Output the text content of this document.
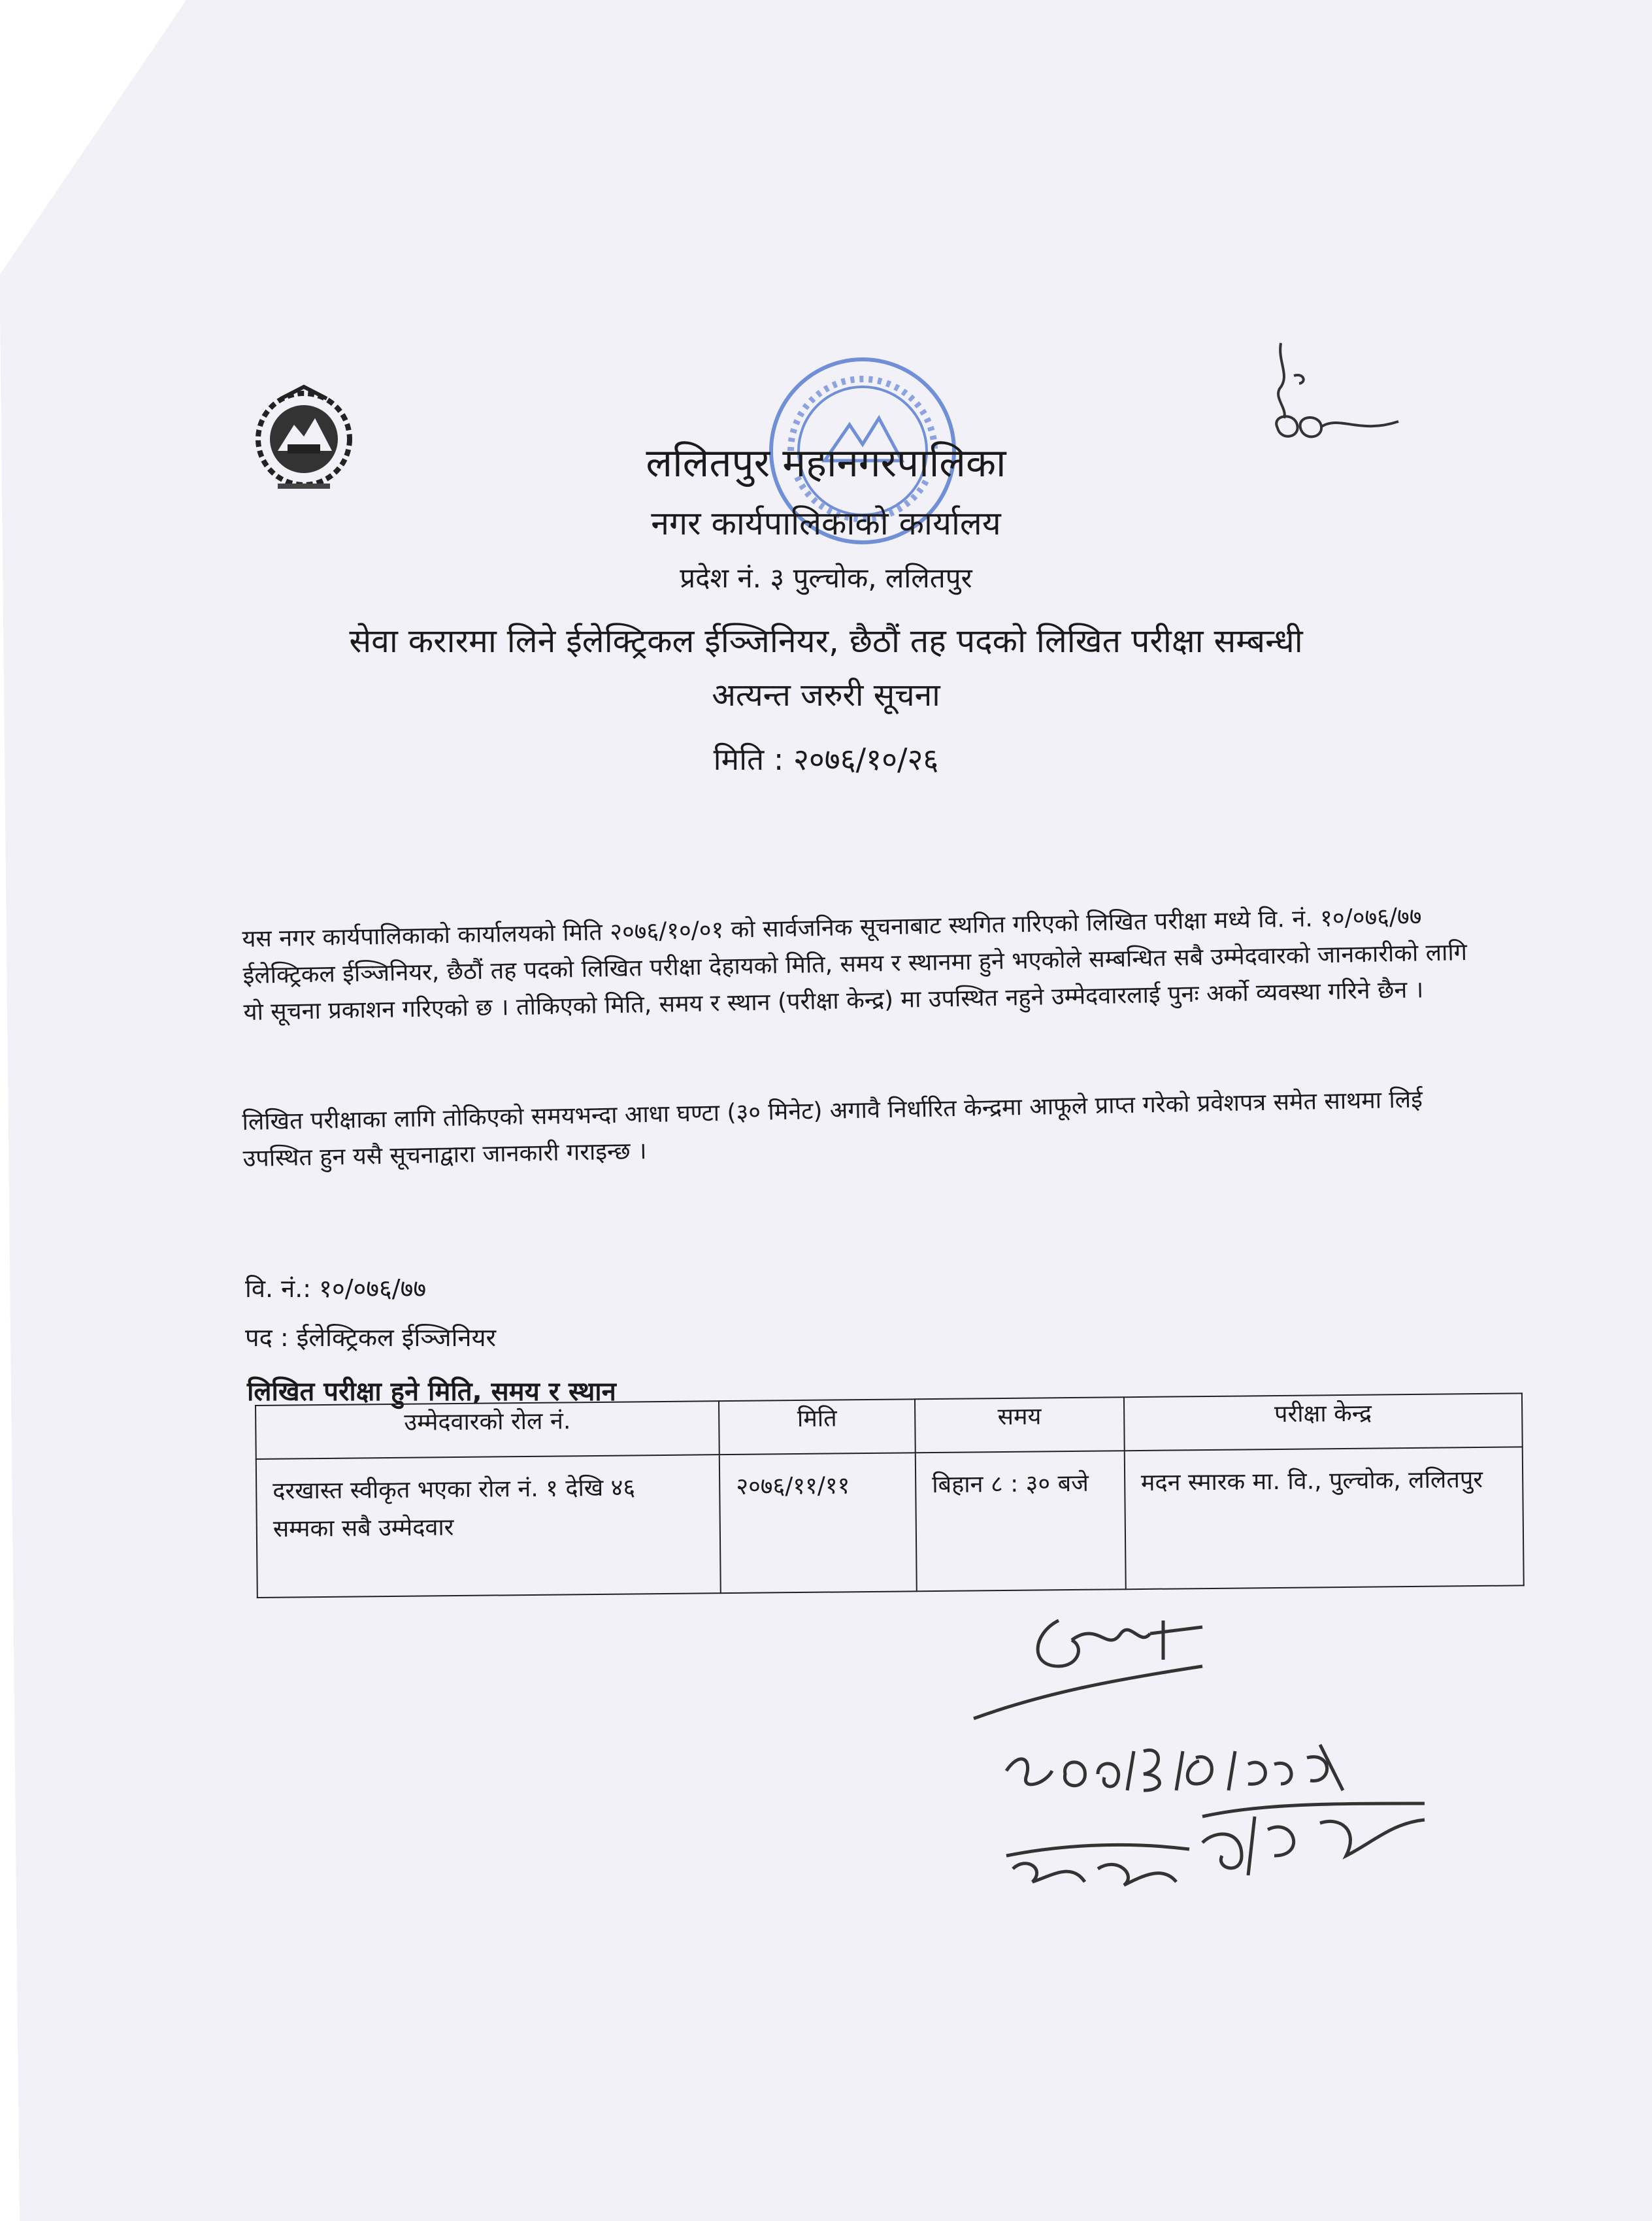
ललितपुर महानगरपालिका
नगर कार्यपालिकाको कार्यालय
प्रदेश नं. ३ पुल्चोक, ललितपुर
सेवा करारमा लिने ईलेक्ट्रिकल ईञ्जिनियर, छैठौं तह पदको लिखित परीक्षा सम्बन्धी
अत्यन्त जरुरी सूचना
मिति : २०७६/१०/२६
यस नगर कार्यपालिकाको कार्यालयको मिति २०७६/१०/०१ को सार्वजनिक सूचनाबाट स्थगित गरिएको लिखित परीक्षा मध्ये वि. नं. १०/०७६/७७ ईलेक्ट्रिकल ईञ्जिनियर, छैठौं तह पदको लिखित परीक्षा देहायको मिति, समय र स्थानमा हुने भएकोले सम्बन्धित सबै उम्मेदवारको जानकारीको लागि यो सूचना प्रकाशन गरिएको छ । तोकिएको मिति, समय र स्थान (परीक्षा केन्द्र) मा उपस्थित नहुने उम्मेदवारलाई पुनः अर्को व्यवस्था गरिने छैन ।
लिखित परीक्षाका लागि तोकिएको समयभन्दा आधा घण्टा (३० मिनेट) अगावै निर्धारित केन्द्रमा आफूले प्राप्त गरेको प्रवेशपत्र समेत साथमा लिई उपस्थित हुन यसै सूचनाद्वारा जानकारी गराइन्छ ।
वि. नं.: १०/०७६/७७
पद : ईलेक्ट्रिकल ईञ्जिनियर
लिखित परीक्षा हुने मिति, समय र स्थान
उम्मेदवारको रोल नं.	मिति	समय	परीक्षा केन्द्र
दरखास्त स्वीकृत भएका रोल नं. १ देखि ४६ सम्मका सबै उम्मेदवार	२०७६/११/११	बिहान ८ : ३० बजे	मदन स्मारक मा. वि., पुल्चोक, ललितपुर
